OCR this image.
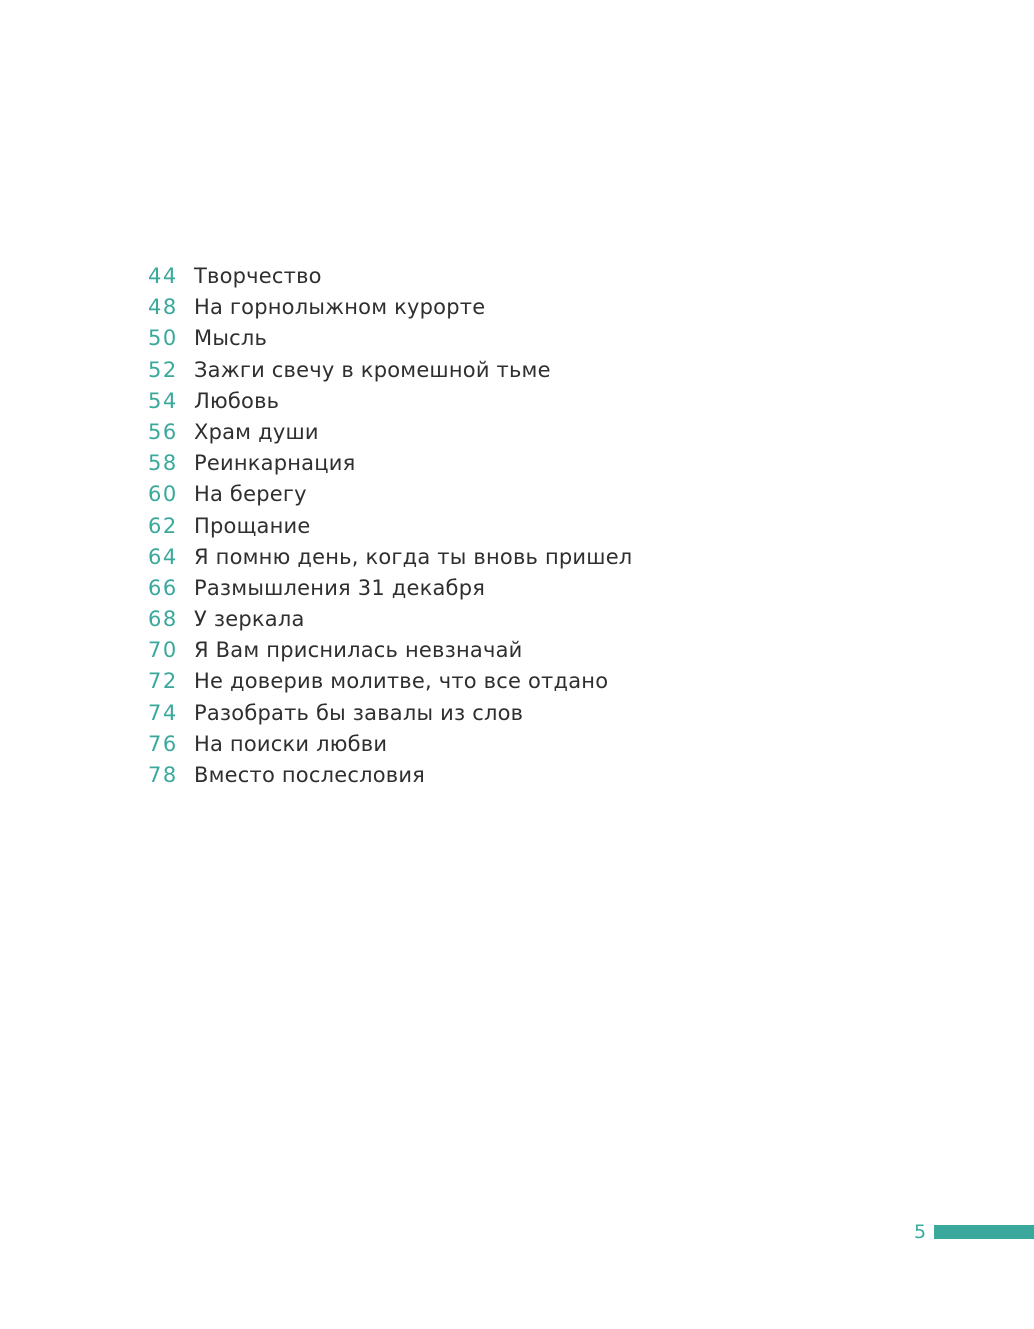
44 Творчество
48 На горнолыжном курорте
50 Мысль
52 Зажги свечу в кромешной тьме
54 Любовь
56 Храм души
58 Реинкарнация
60 На берегу
62 Прощание
64 Я помню день, когда ты вновь пришел
66 Размышления 31 декабря
68 У зеркала
70 Я Вам приснилась невзначай
72 Не доверив молитве, что все отдано
74 Разобрать бы завалы из слов
76 На поиски любви
78 Вместо послесловия
5
